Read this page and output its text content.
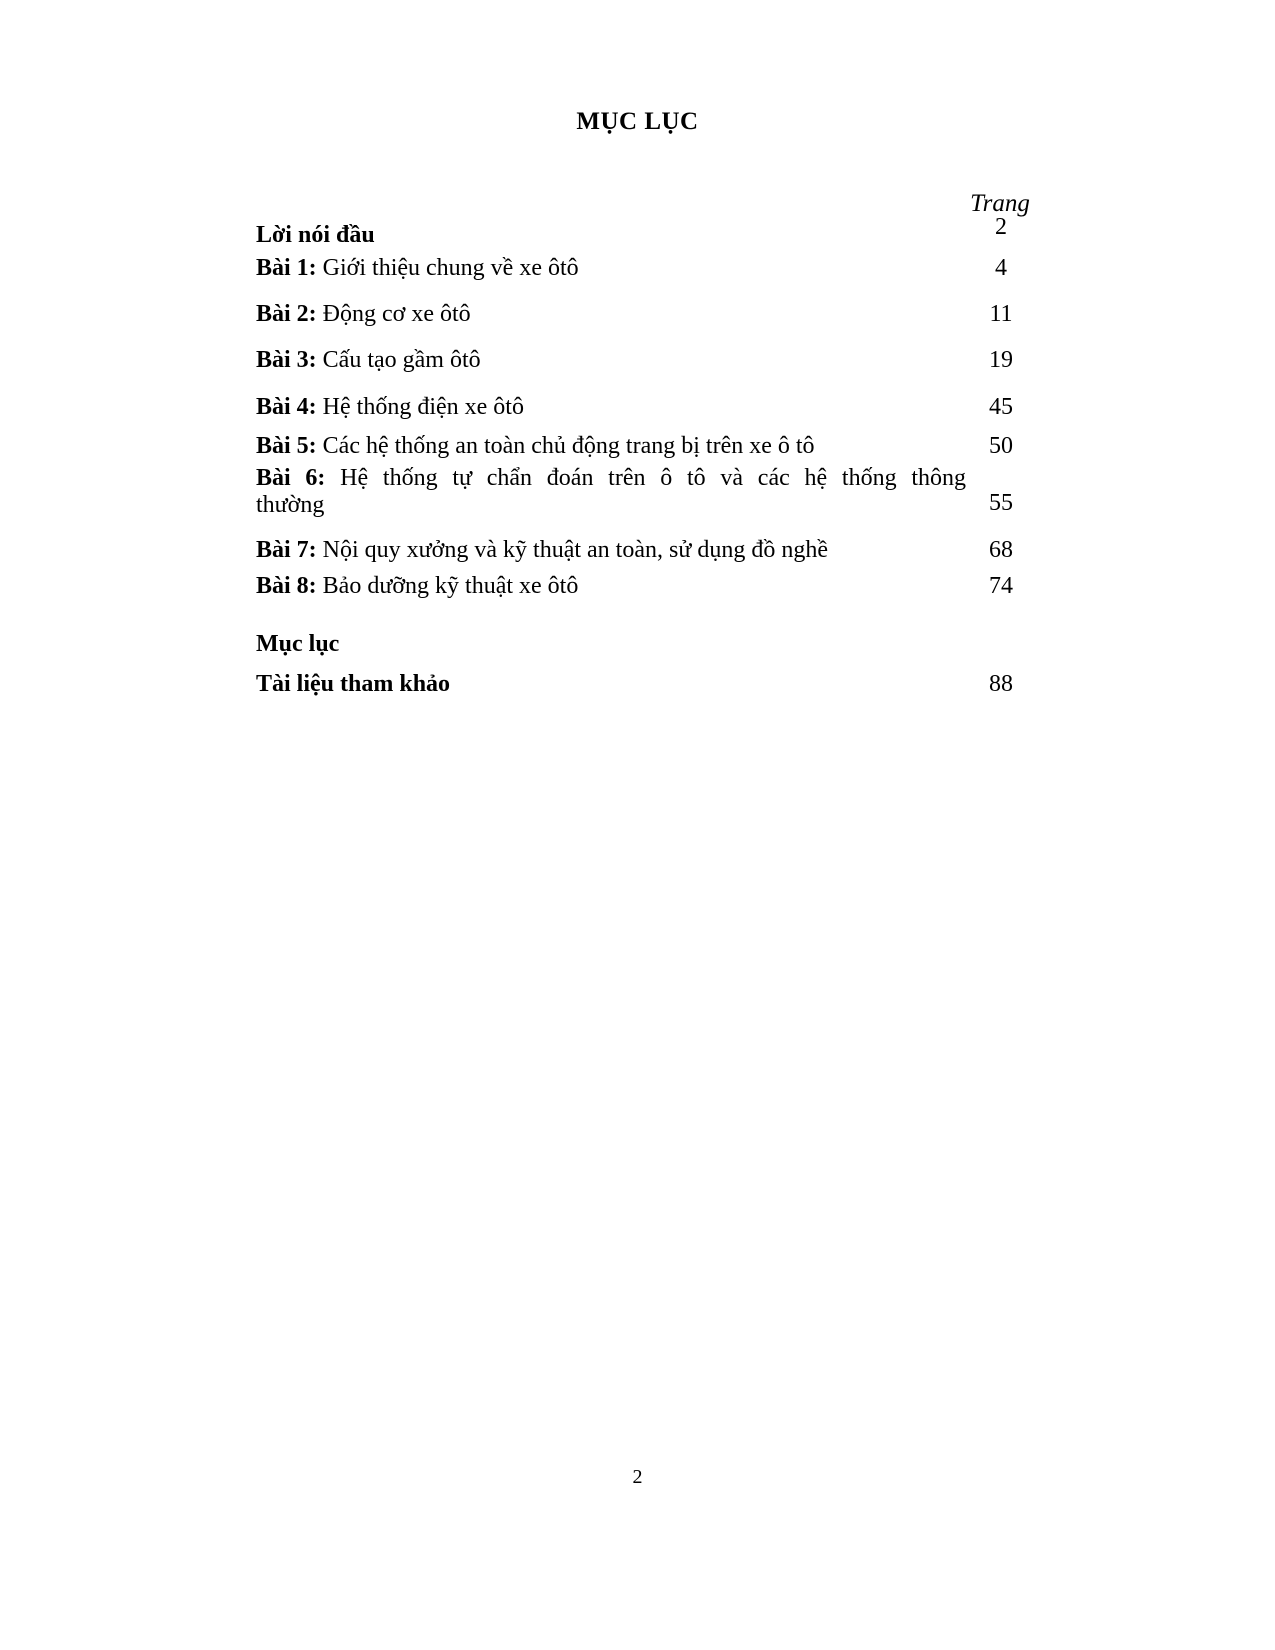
MỤC LỤC
Trang
Lời nói đầu	2
Bài 1: Giới thiệu chung về xe ôtô	4
Bài 2: Động cơ xe ôtô	11
Bài 3: Cấu tạo gầm ôtô	19
Bài 4: Hệ thống điện xe ôtô	45
Bài 5: Các hệ thống an toàn chủ động trang bị trên xe ô tô	50
Bài 6: Hệ thống tự chẩn đoán trên ô tô và các hệ thống thông
thường	55
Bài 7: Nội quy xưởng và kỹ thuật an toàn, sử dụng đồ nghề	68
Bài 8: Bảo dưỡng kỹ thuật xe ôtô	74
Mục lục
Tài liệu tham khảo	88
2
